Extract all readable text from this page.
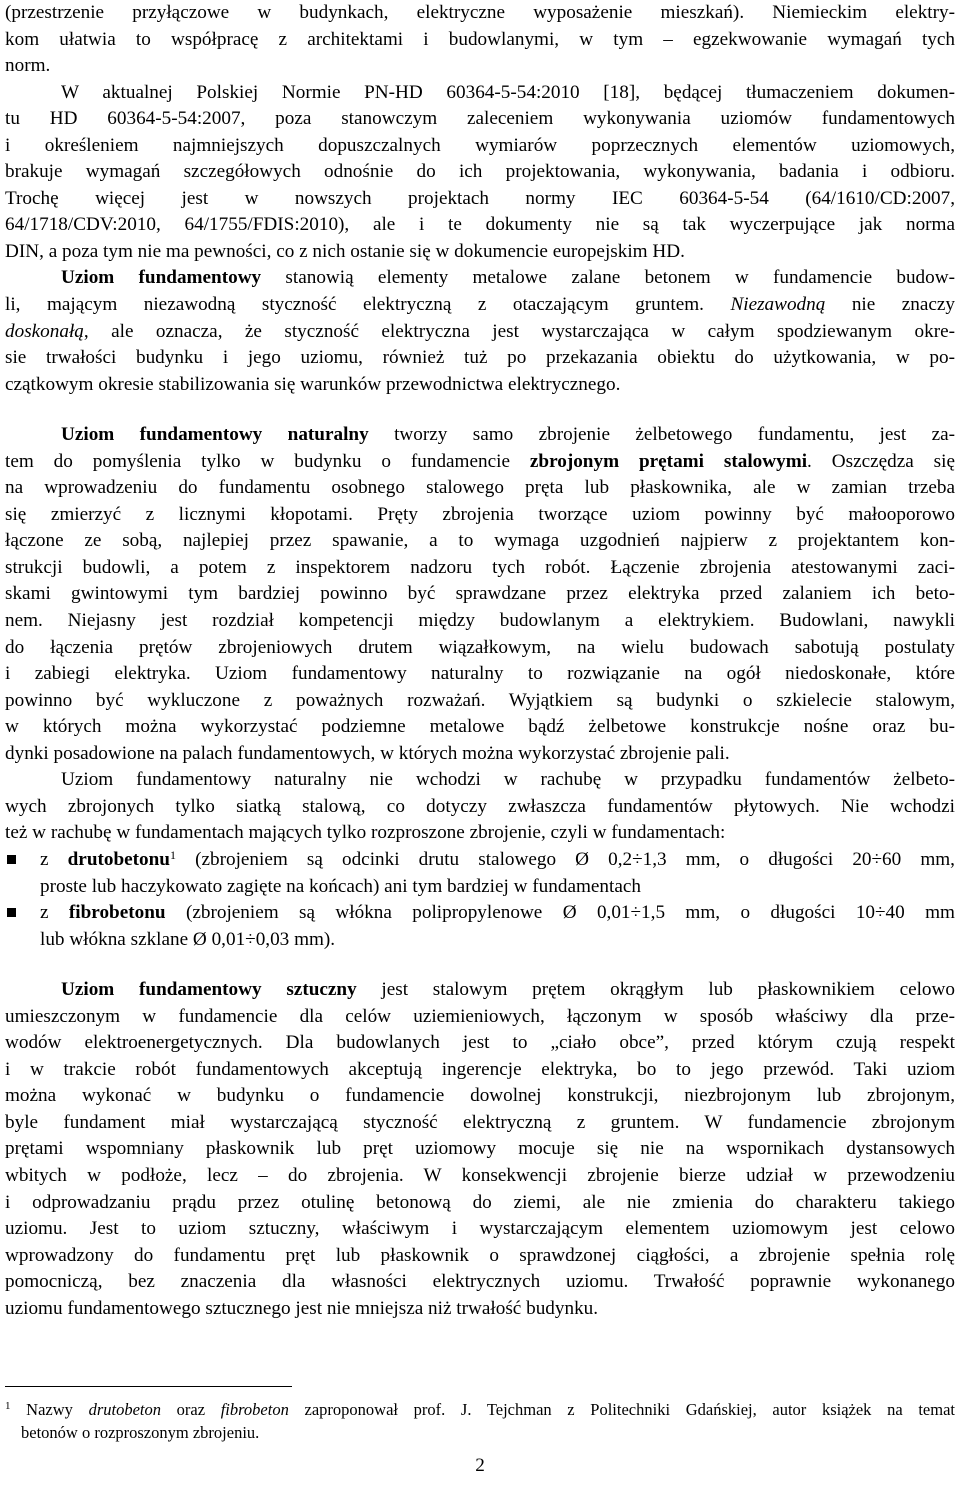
(przestrzenie przyłączowe w budynkach, elektryczne wyposażenie mieszkań). Niemieckim elektry-
kom ułatwia to współpracę z architektami i budowlanymi, w tym – egzekwowanie wymagań tych
norm.
W aktualnej Polskiej Normie PN-HD 60364-5-54:2010 [18], będącej tłumaczeniem dokumen-
tu HD 60364-5-54:2007, poza stanowczym zaleceniem wykonywania uziomów fundamentowych
i określeniem najmniejszych dopuszczalnych wymiarów poprzecznych elementów uziomowych,
brakuje wymagań szczegółowych odnośnie do ich projektowania, wykonywania, badania i odbioru.
Trochę więcej jest w nowszych projektach normy IEC 60364-5-54 (64/1610/CD:2007,
64/1718/CDV:2010, 64/1755/FDIS:2010), ale i te dokumenty nie są tak wyczerpujące jak norma
DIN, a poza tym nie ma pewności, co z nich ostanie się w dokumencie europejskim HD.
Uziom fundamentowy stanowią elementy metalowe zalane betonem w fundamencie budow-
li, mającym niezawodną styczność elektryczną z otaczającym gruntem. Niezawodną nie znaczy
doskonałą, ale oznacza, że styczność elektryczna jest wystarczająca w całym spodziewanym okre-
sie trwałości budynku i jego uziomu, również tuż po przekazania obiektu do użytkowania, w po-
czątkowym okresie stabilizowania się warunków przewodnictwa elektrycznego.
Uziom fundamentowy naturalny tworzy samo zbrojenie żelbetowego fundamentu, jest za-
tem do pomyślenia tylko w budynku o fundamencie zbrojonym prętami stalowymi. Oszczędza się
na wprowadzeniu do fundamentu osobnego stalowego pręta lub płaskownika, ale w zamian trzeba
się zmierzyć z licznymi kłopotami. Pręty zbrojenia tworzące uziom powinny być małooporowo
łączone ze sobą, najlepiej przez spawanie, a to wymaga uzgodnień najpierw z projektantem kon-
strukcji budowli, a potem z inspektorem nadzoru tych robót. Łączenie zbrojenia atestowanymi zaci-
skami gwintowymi tym bardziej powinno być sprawdzane przez elektryka przed zalaniem ich beto-
nem. Niejasny jest rozdział kompetencji między budowlanym a elektrykiem. Budowlani, nawykli
do łączenia prętów zbrojeniowych drutem wiązałkowym, na wielu budowach sabotują postulaty
i zabiegi elektryka. Uziom fundamentowy naturalny to rozwiązanie na ogół niedoskonałe, które
powinno być wykluczone z poważnych rozważań. Wyjątkiem są budynki o szkielecie stalowym,
w których można wykorzystać podziemne metalowe bądź żelbetowe konstrukcje nośne oraz bu-
dynki posadowione na palach fundamentowych, w których można wykorzystać zbrojenie pali.
Uziom fundamentowy naturalny nie wchodzi w rachubę w przypadku fundamentów żelbeto-
wych zbrojonych tylko siatką stalową, co dotyczy zwłaszcza fundamentów płytowych. Nie wchodzi
też w rachubę w fundamentach mających tylko rozproszone zbrojenie, czyli w fundamentach:
z drutobetonu$^1$ (zbrojeniem są odcinki drutu stalowego Ø 0,2÷1,3 mm, o długości 20÷60 mm,
proste lub haczykowato zagięte na końcach) ani tym bardziej w fundamentach
z fibrobetonu (zbrojeniem są włókna polipropylenowe Ø 0,01÷1,5 mm, o długości 10÷40 mm
lub włókna szklane Ø 0,01÷0,03 mm).
Uziom fundamentowy sztuczny jest stalowym prętem okrągłym lub płaskownikiem celowo
umieszczonym w fundamencie dla celów uziemieniowych, łączonym w sposób właściwy dla prze-
wodów elektroenergetycznych. Dla budowlanych jest to „ciało obce”, przed którym czują respekt
i w trakcie robót fundamentowych akceptują ingerencje elektryka, bo to jego przewód. Taki uziom
można wykonać w budynku o fundamencie dowolnej konstrukcji, niezbrojonym lub zbrojonym,
byle fundament miał wystarczającą styczność elektryczną z gruntem. W fundamencie zbrojonym
prętami wspomniany płaskownik lub pręt uziomowy mocuje się nie na wspornikach dystansowych
wbitych w podłoże, lecz – do zbrojenia. W konsekwencji zbrojenie bierze udział w przewodzeniu
i odprowadzaniu prądu przez otulinę betonową do ziemi, ale nie zmienia do charakteru takiego
uziomu. Jest to uziom sztuczny, właściwym i wystarczającym elementem uziomowym jest celowo
wprowadzony do fundamentu pręt lub płaskownik o sprawdzonej ciągłości, a zbrojenie spełnia rolę
pomocniczą, bez znaczenia dla własności elektrycznych uziomu. Trwałość poprawnie wykonanego
uziomu fundamentowego sztucznego jest nie mniejsza niż trwałość budynku.
$^1$ Nazwy drutobeton oraz fibrobeton zaproponował prof. J. Tejchman z Politechniki Gdańskiej, autor książek na temat
betonów o rozproszonym zbrojeniu.
2
